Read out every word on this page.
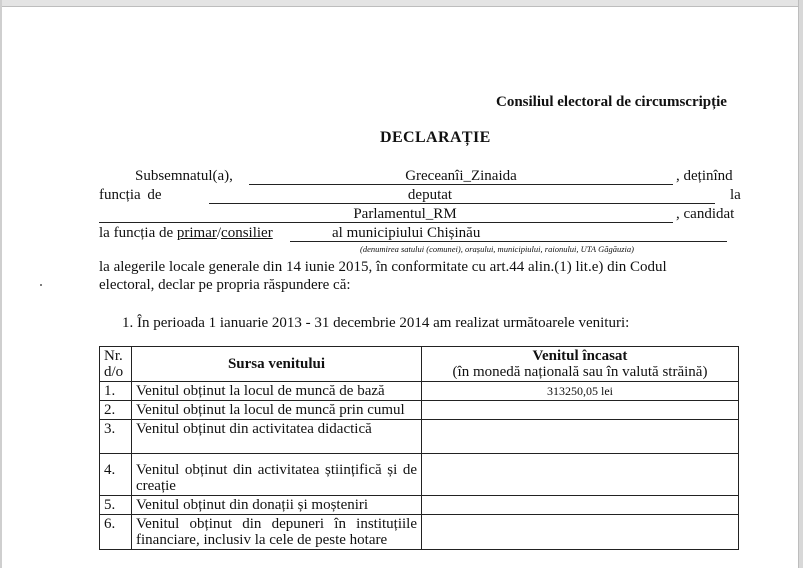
Consiliul electoral de circumscripție
DECLARAȚIE
Subsemnatul(a),	Greceanîi_Zinaida	, deținînd
funcția de	deputat	la
Parlamentul_RM	, candidat
la funcția de primar/consilier	al municipiului Chișinău
(denumirea satului (comunei), orașului, municipiului, raionului, UTA Găgăuzia)
la alegerile locale generale din 14 iunie 2015, în conformitate cu art.44 alin.(1) lit.e) din Codul
electoral, declar pe propria răspundere că:
1. În perioada 1 ianuarie 2013 - 31 decembrie 2014 am realizat următoarele venituri:
Nr. d/o	Sursa venitului	Venitul încasat
(în monedă națională sau în valută străină)
1.	Venitul obținut la locul de muncă de bază	313250,05 lei
2.	Venitul obținut la locul de muncă prin cumul	
3.	Venitul obținut din activitatea didactică	
4.	Venitul obținut din activitatea științifică și de creație	
5.	Venitul obținut din donații și moșteniri	
6.	Venitul obținut din depuneri în instituțiile financiare, inclusiv la cele de peste hotare	
